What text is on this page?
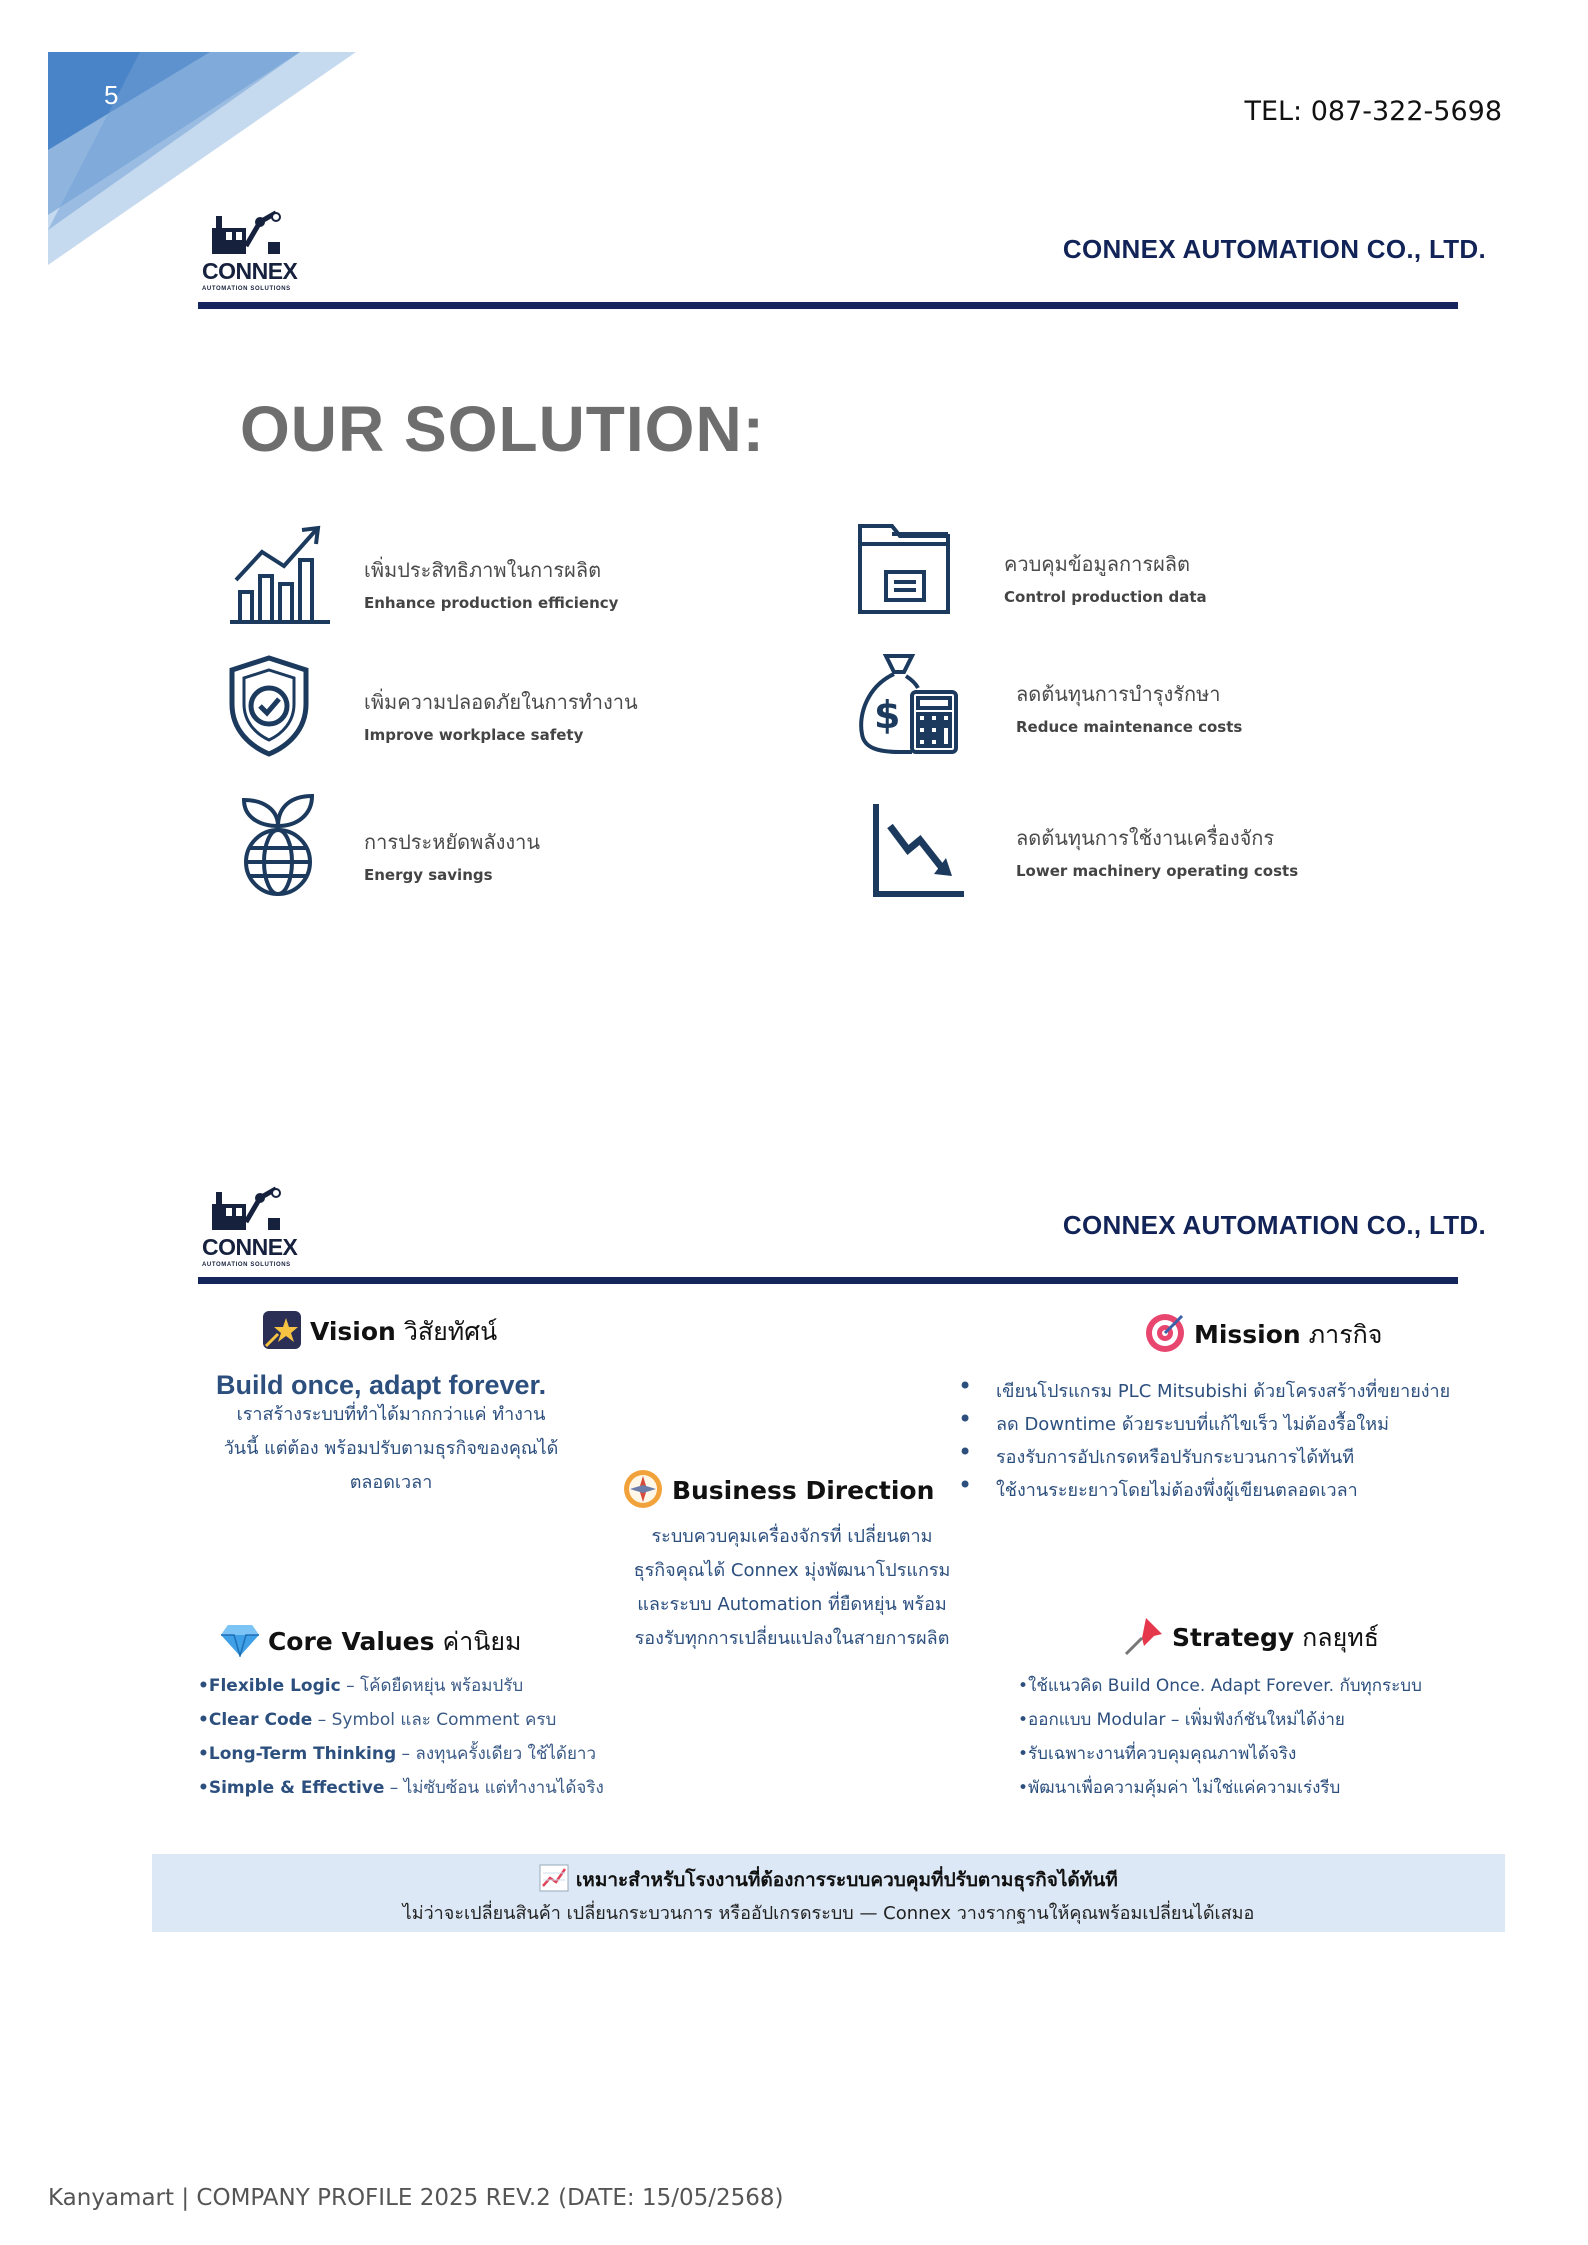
5
TEL: 087-322-5698
CONNEX
AUTOMATION SOLUTIONS
CONNEX AUTOMATION CO., LTD.
OUR SOLUTION:
เพิ่มประสิทธิภาพในการผลิต
Enhance production efficiency
ควบคุมข้อมูลการผลิต
Control production data
เพิ่มความปลอดภัยในการทำงาน
Improve workplace safety	$	ลดต้นทุนการบำรุงรักษา
Reduce maintenance costs
การประหยัดพลังงาน
Energy savings
ลดต้นทุนการใช้งานเครื่องจักร
Lower machinery operating costs
CONNEX
AUTOMATION SOLUTIONS
CONNEX AUTOMATION CO., LTD.
Vision วิสัยทัศน์
Build once, adapt forever.
เราสร้างระบบที่ทำได้มากกว่าแค่ ทำงาน
วันนี้ แต่ต้อง พร้อมปรับตามธุรกิจของคุณได้
ตลอดเวลา
Mission ภารกิจ
• เขียนโปรแกรม PLC Mitsubishi ด้วยโครงสร้างที่ขยายง่าย
• ลด Downtime ด้วยระบบที่แก้ไขเร็ว ไม่ต้องรื้อใหม่
• รองรับการอัปเกรดหรือปรับกระบวนการได้ทันที
• ใช้งานระยะยาวโดยไม่ต้องพึ่งผู้เขียนตลอดเวลา
Business Direction
ระบบควบคุมเครื่องจักรที่ เปลี่ยนตาม
ธุรกิจคุณได้ Connex มุ่งพัฒนาโปรแกรม
และระบบ Automation ที่ยืดหยุ่น พร้อม
รองรับทุกการเปลี่ยนแปลงในสายการผลิต
Core Values ค่านิยม
•Flexible Logic – โค้ดยืดหยุ่น พร้อมปรับ
•Clear Code – Symbol และ Comment ครบ
•Long-Term Thinking – ลงทุนครั้งเดียว ใช้ได้ยาว
•Simple & Effective – ไม่ซับซ้อน แต่ทำงานได้จริง
Strategy กลยุทธ์
•ใช้แนวคิด Build Once. Adapt Forever. กับทุกระบบ
•ออกแบบ Modular – เพิ่มฟังก์ชันใหม่ได้ง่าย
•รับเฉพาะงานที่ควบคุมคุณภาพได้จริง
•พัฒนาเพื่อความคุ้มค่า ไม่ใช่แค่ความเร่งรีบ
เหมาะสำหรับโรงงานที่ต้องการระบบควบคุมที่ปรับตามธุรกิจได้ทันที
ไม่ว่าจะเปลี่ยนสินค้า เปลี่ยนกระบวนการ หรืออัปเกรดระบบ — Connex วางรากฐานให้คุณพร้อมเปลี่ยนได้เสมอ
Kanyamart | COMPANY PROFILE 2025 REV.2 (DATE: 15/05/2568)
